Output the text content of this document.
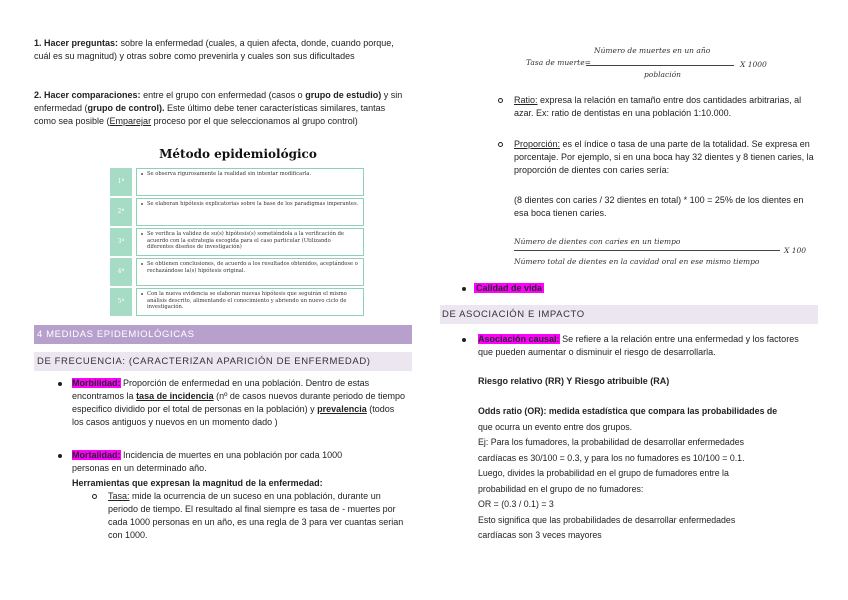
1. Hacer preguntas: sobre la enfermedad (cuales, a quien afecta, donde, cuando porque, cuál es su magnitud) y otras sobre como prevenirla y cuales son sus dificultades
2. Hacer comparaciones: entre el grupo con enfermedad (casos o grupo de estudio) y sin enfermedad (grupo de control). Este último debe tener características similares, tantas como sea posible (Emparejar proceso por el que seleccionamos al grupo control)
Método epidemiológico
1ª
Se observa rigurosamente la realidad sin intentar modificarla.
2ª
Se elaboran hipótesis explicatorias sobre la base de los paradigmas imperantes.
3ª
Se verifica la validez de su(s) hipótesis(s) sometiéndola a la verificación de acuerdo con la estrategia escogida para el caso particular (Utilizando diferentes diseños de investigación)
4ª
Se obtienen conclusiones, de acuerdo a los resultados obtenidos, aceptándose o rechazándose la(s) hipótesis original.
5ª
Con la nueva evidencia se elaboran nuevas hipótesis que seguirán el mismo análisis descrito, alimentando el conocimiento y abriendo un nuevo ciclo de investigación.
4 MEDIDAS EPIDEMIOLÓGICAS
DE FRECUENCIA: (CARACTERIZAN APARICIÓN DE ENFERMEDAD)
Morbilidad: Proporción de enfermedad en una población. Dentro de estas encontramos la tasa de incidencia (nº de casos nuevos durante periodo de tiempo especifico dividido por el total de personas en la población) y prevalencia (todos los casos antiguos y nuevos en un momento dado )
Mortalidad: Incidencia de muertes en una población por cada 1000 personas en un determinado año.
Herramientas que expresan la magnitud de la enfermedad:
Tasa: mide la ocurrencia de un suceso en una población, durante un periodo de tiempo. El resultado al final siempre es tasa de - muertes por cada 1000 personas en un año, es una regla de 3 para ver cuantas serian con 1000.
Tasa de muerte=
Número de muertes en un año
población
X 1000
Ratio: expresa la relación en tamaño entre dos cantidades arbitrarias, al azar. Ex: ratio de dentistas en una población 1:10.000.
Proporción: es el índice o tasa de una parte de la totalidad. Se expresa en porcentaje. Por ejemplo, si en una boca hay 32 dientes y 8 tienen caries, la proporción de dientes con caries sería:
(8 dientes con caries / 32 dientes en total) * 100 = 25% de los dientes en esa boca tienen caries.
Número de dientes con caries en un tiempo
Número total de dientes en la cavidad oral en ese mismo tiempo
X 100
Calidad de vida
DE ASOCIACIÓN E IMPACTO
Asociación causal: Se refiere a la relación entre una enfermedad y los factores que pueden aumentar o disminuir el riesgo de desarrollarla.
Riesgo relativo (RR) Y Riesgo atribuible (RA)
Odds ratio (OR): medida estadística que compara las probabilidades de
que ocurra un evento entre dos grupos.
Ej: Para los fumadores, la probabilidad de desarrollar enfermedades
cardíacas es 30/100 = 0.3, y para los no fumadores es 10/100 = 0.1.
Luego, divides la probabilidad en el grupo de fumadores entre la
probabilidad en el grupo de no fumadores:
OR = (0.3 / 0.1) = 3
Esto significa que las probabilidades de desarrollar enfermedades
cardíacas son 3 veces mayores
